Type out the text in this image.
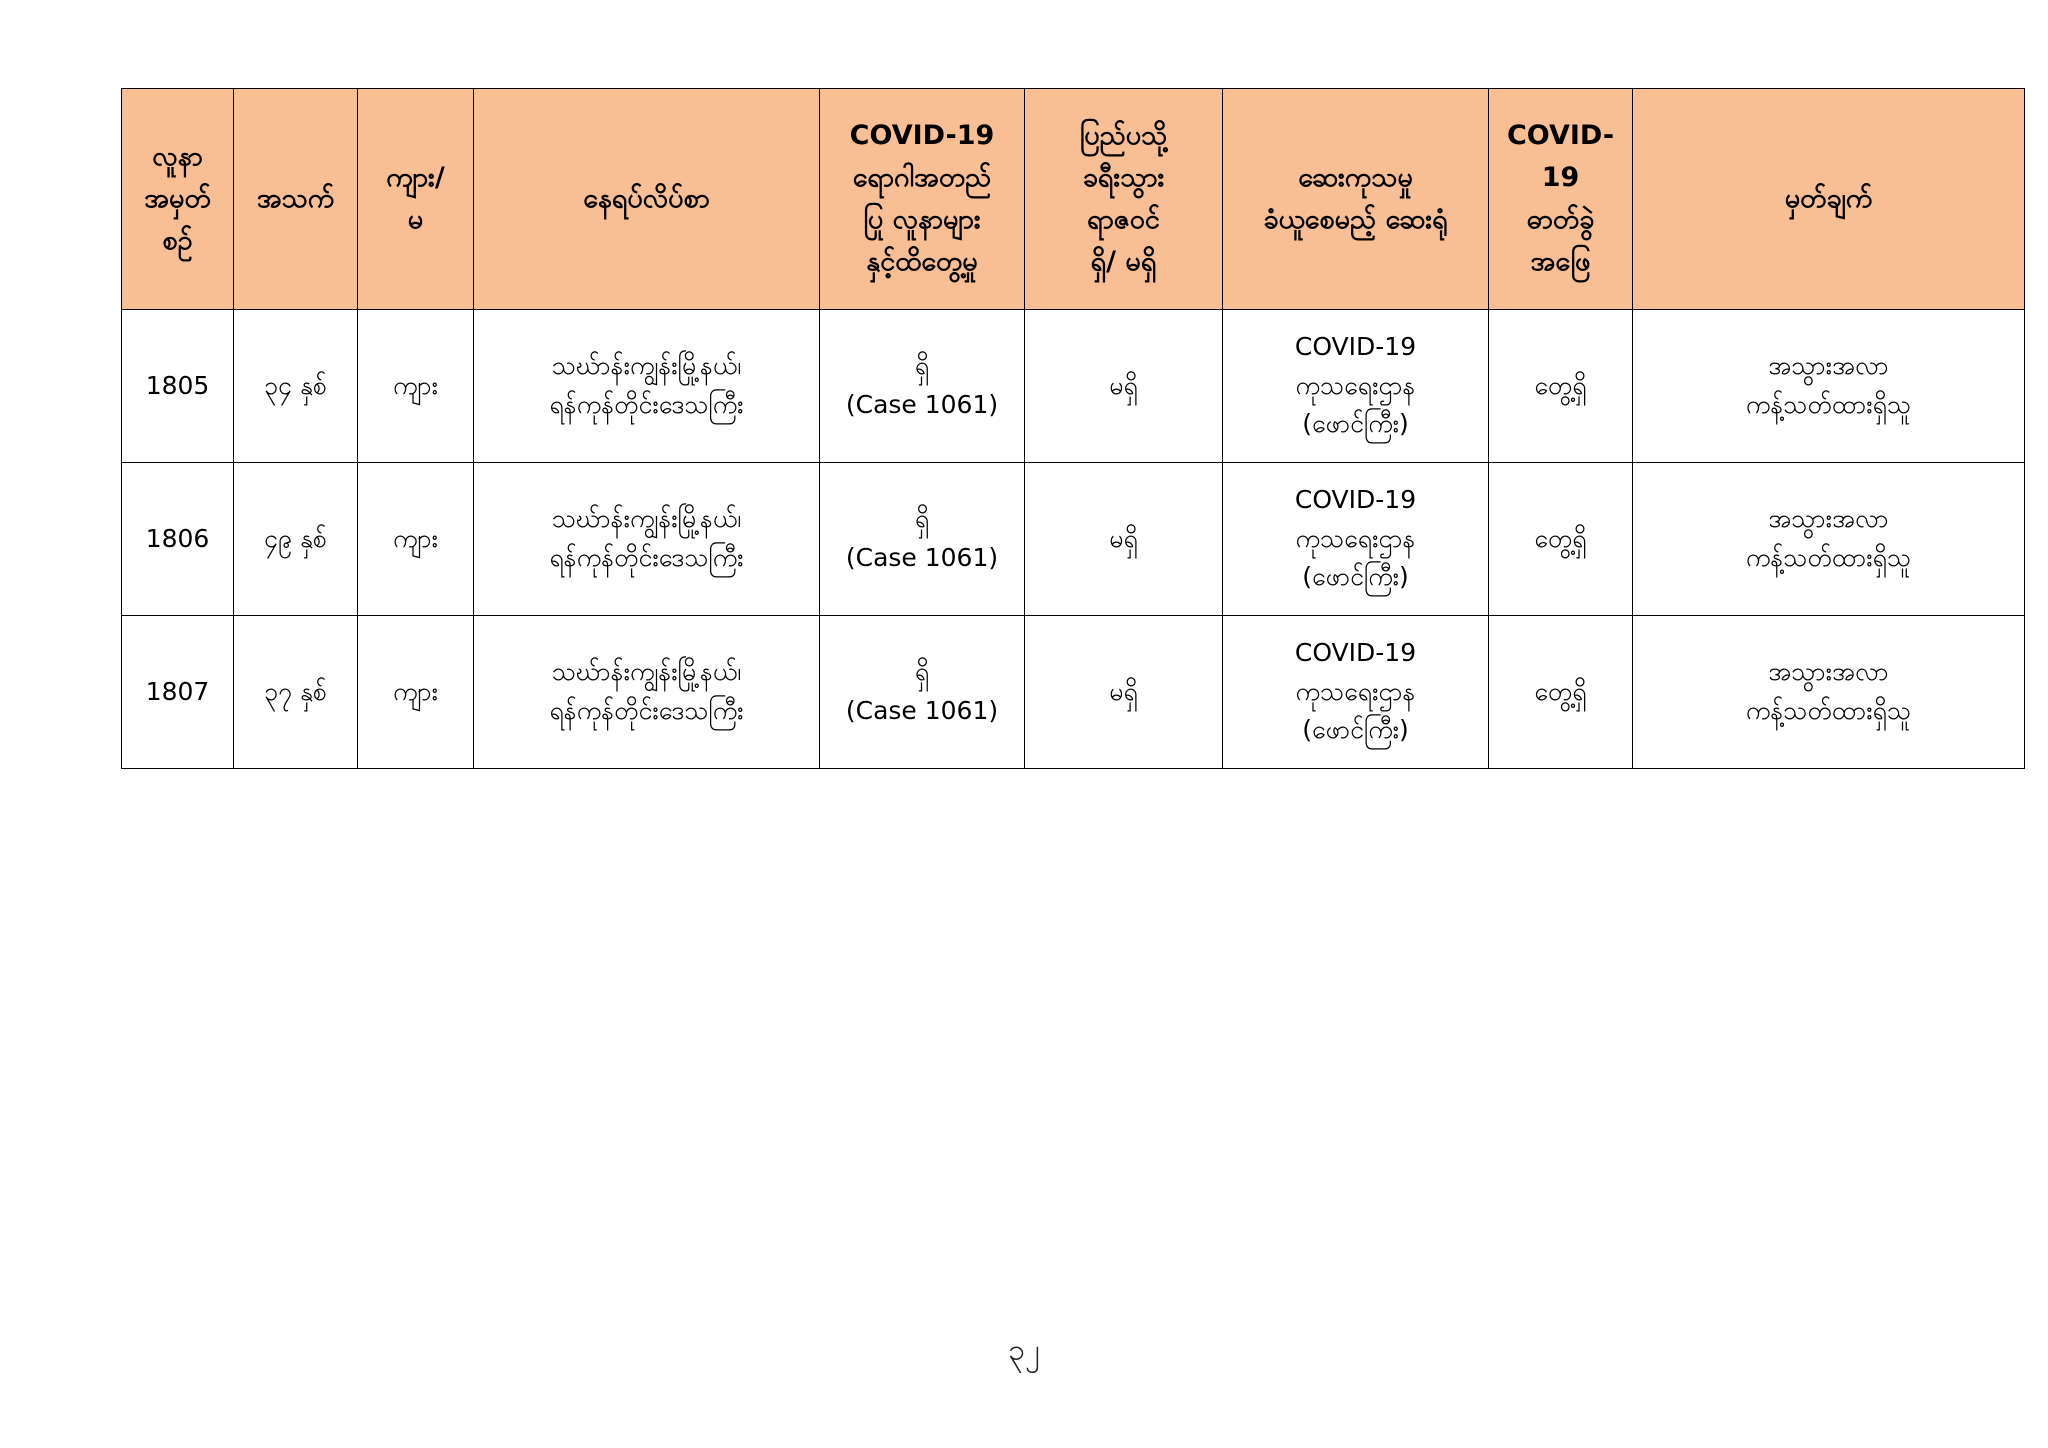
လူနာ
အမှတ်
စဉ်	အသက်	ကျား/
မ	နေရပ်လိပ်စာ	COVID-19
ရောဂါအတည်
ပြု လူနာများ
နှင့်ထိတွေ့မှု	ပြည်ပသို့
ခရီးသွား
ရာဇဝင်
ရှိ/ မရှိ	ဆေးကုသမှု
ခံယူစေမည့် ဆေးရုံ	COVID-
19
ဓာတ်ခွဲ
အဖြေ	မှတ်ချက်

1805	၃၄ နှစ်	ကျား	သဃ်ာန်းကျွန်းမြို့နယ်၊
ရန်ကုန်တိုင်းဒေသကြီး	ရှိ
(Case 1061)	မရှိ	COVID-19
ကုသရေးဌာန
(ဖောင်ကြီး)	တွေ့ရှိ	အသွားအလာ
ကန့်သတ်ထားရှိသူ

1806	၄၉ နှစ်	ကျား	သဃ်ာန်းကျွန်းမြို့နယ်၊
ရန်ကုန်တိုင်းဒေသကြီး	ရှိ
(Case 1061)	မရှိ	COVID-19
ကုသရေးဌာန
(ဖောင်ကြီး)	တွေ့ရှိ	အသွားအလာ
ကန့်သတ်ထားရှိသူ

1807	၃၇ နှစ်	ကျား	သဃ်ာန်းကျွန်းမြို့နယ်၊
ရန်ကုန်တိုင်းဒေသကြီး	ရှိ
(Case 1061)	မရှိ	COVID-19
ကုသရေးဌာန
(ဖောင်ကြီး)	တွေ့ရှိ	အသွားအလာ
ကန့်သတ်ထားရှိသူ
၃၂
